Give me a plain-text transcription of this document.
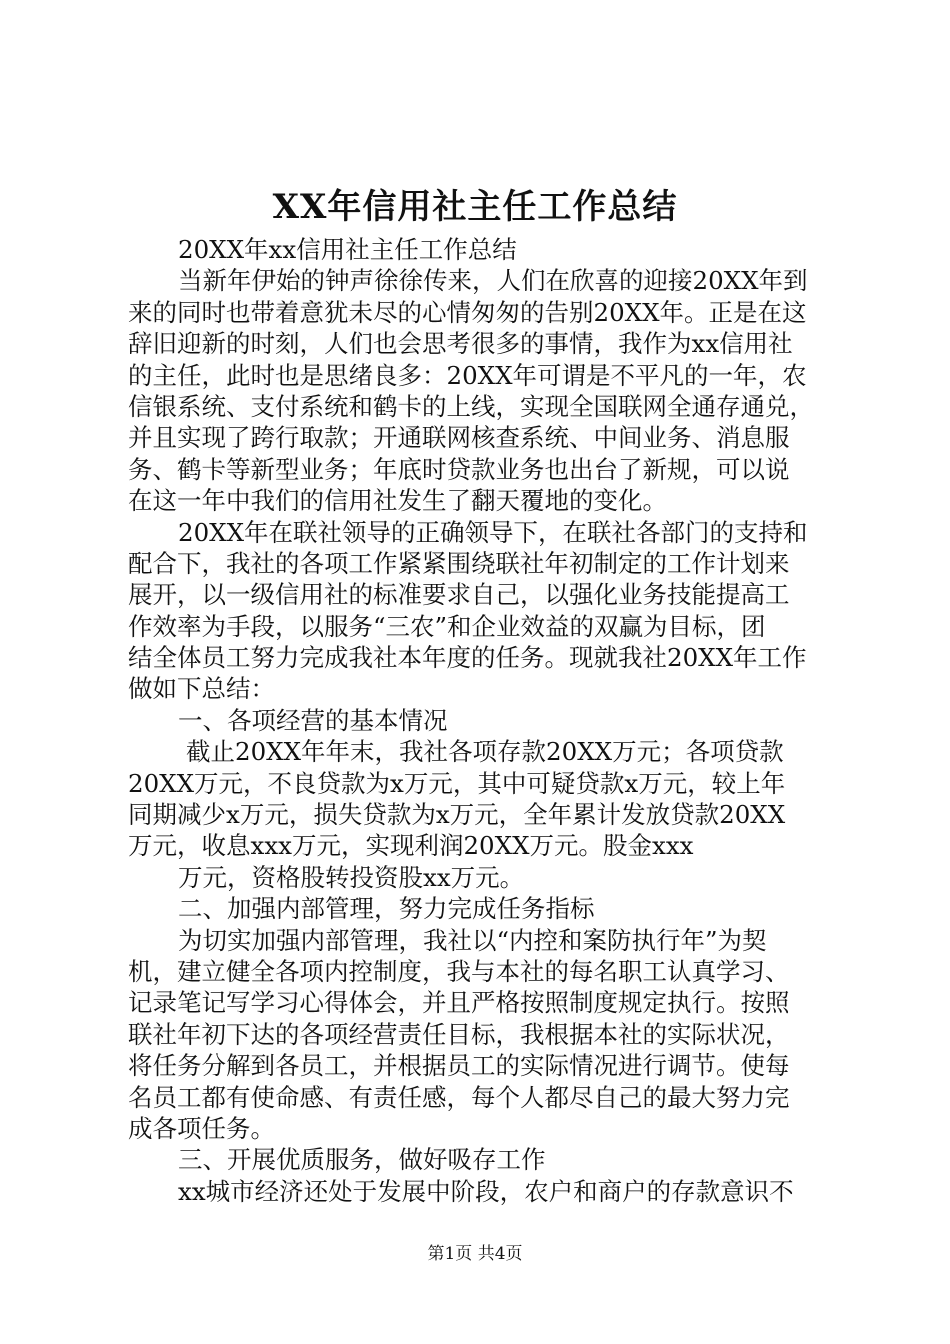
XX年信用社主任工作总结
20XX年xx信用社主任工作总结
当新年伊始的钟声徐徐传来，人们在欣喜的迎接20XX年到
来的同时也带着意犹未尽的心情匆匆的告别20XX年。正是在这
辞旧迎新的时刻，人们也会思考很多的事情，我作为xx信用社
的主任，此时也是思绪良多：20XX年可谓是不平凡的一年，农
信银系统、支付系统和鹤卡的上线，实现全国联网全通存通兑，
并且实现了跨行取款；开通联网核查系统、中间业务、消息服
务、鹤卡等新型业务；年底时贷款业务也出台了新规，可以说
在这一年中我们的信用社发生了翻天覆地的变化。
20XX年在联社领导的正确领导下，在联社各部门的支持和
配合下，我社的各项工作紧紧围绕联社年初制定的工作计划来
展开，以一级信用社的标准要求自己，以强化业务技能提高工
作效率为手段，以服务“三农”和企业效益的双赢为目标，团
结全体员工努力完成我社本年度的任务。现就我社20XX年工作
做如下总结：
一、各项经营的基本情况
截止20XX年年末，我社各项存款20XX万元；各项贷款
20XX万元，不良贷款为x万元，其中可疑贷款x万元，较上年
同期减少x万元，损失贷款为x万元，全年累计发放贷款20XX
万元，收息xxx万元，实现利润20XX万元。股金xxx
万元，资格股转投资股xx万元。
二、加强内部管理，努力完成任务指标
为切实加强内部管理，我社以“内控和案防执行年”为契
机，建立健全各项内控制度，我与本社的每名职工认真学习、
记录笔记写学习心得体会，并且严格按照制度规定执行。按照
联社年初下达的各项经营责任目标，我根据本社的实际状况，
将任务分解到各员工，并根据员工的实际情况进行调节。使每
名员工都有使命感、有责任感，每个人都尽自己的最大努力完
成各项任务。
三、开展优质服务，做好吸存工作
xx城市经济还处于发展中阶段，农户和商户的存款意识不
第1页 共4页
